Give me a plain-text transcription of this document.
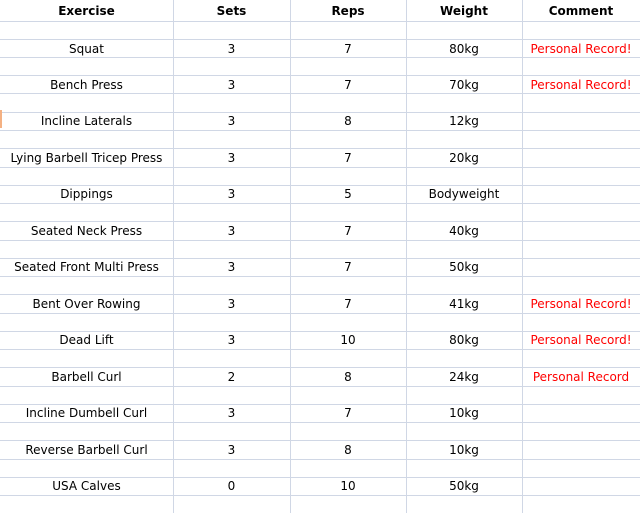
Exercise	Sets	Reps	Weight	Comment
Squat	3	7	80kg	Personal Record!
Bench Press	3	7	70kg	Personal Record!
Incline Laterals	3	8	12kg
Lying Barbell Tricep Press	3	7	20kg
Dippings	3	5	Bodyweight
Seated Neck Press	3	7	40kg
Seated Front Multi Press	3	7	50kg
Bent Over Rowing	3	7	41kg	Personal Record!
Dead Lift	3	10	80kg	Personal Record!
Barbell Curl	2	8	24kg	Personal Record
Incline Dumbell Curl	3	7	10kg
Reverse Barbell Curl	3	8	10kg
USA Calves	0	10	50kg
